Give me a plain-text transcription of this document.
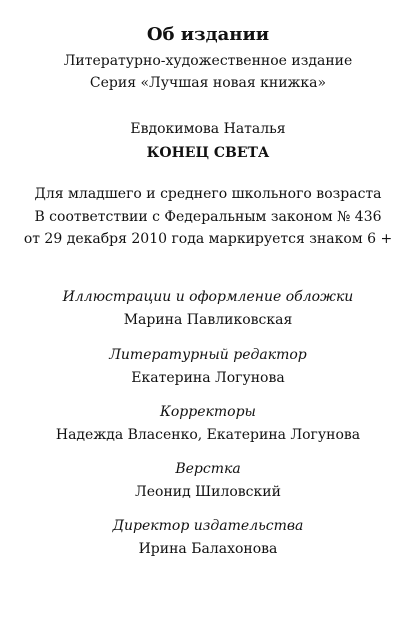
Об издании
Литературно-художественное издание
Серия «Лучшая новая книжка»
Евдокимова Наталья
КОНЕЦ СВЕТА
Для младшего и среднего школьного возраста
В соответствии с Федеральным законом № 436
от 29 декабря 2010 года маркируется знаком 6 +
Иллюстрации и оформление обложки
Марина Павликовская
Литературный редактор
Екатерина Логунова
Корректоры
Надежда Власенко, Екатерина Логунова
Верстка
Леонид Шиловский
Директор издательства
Ирина Балахонова
